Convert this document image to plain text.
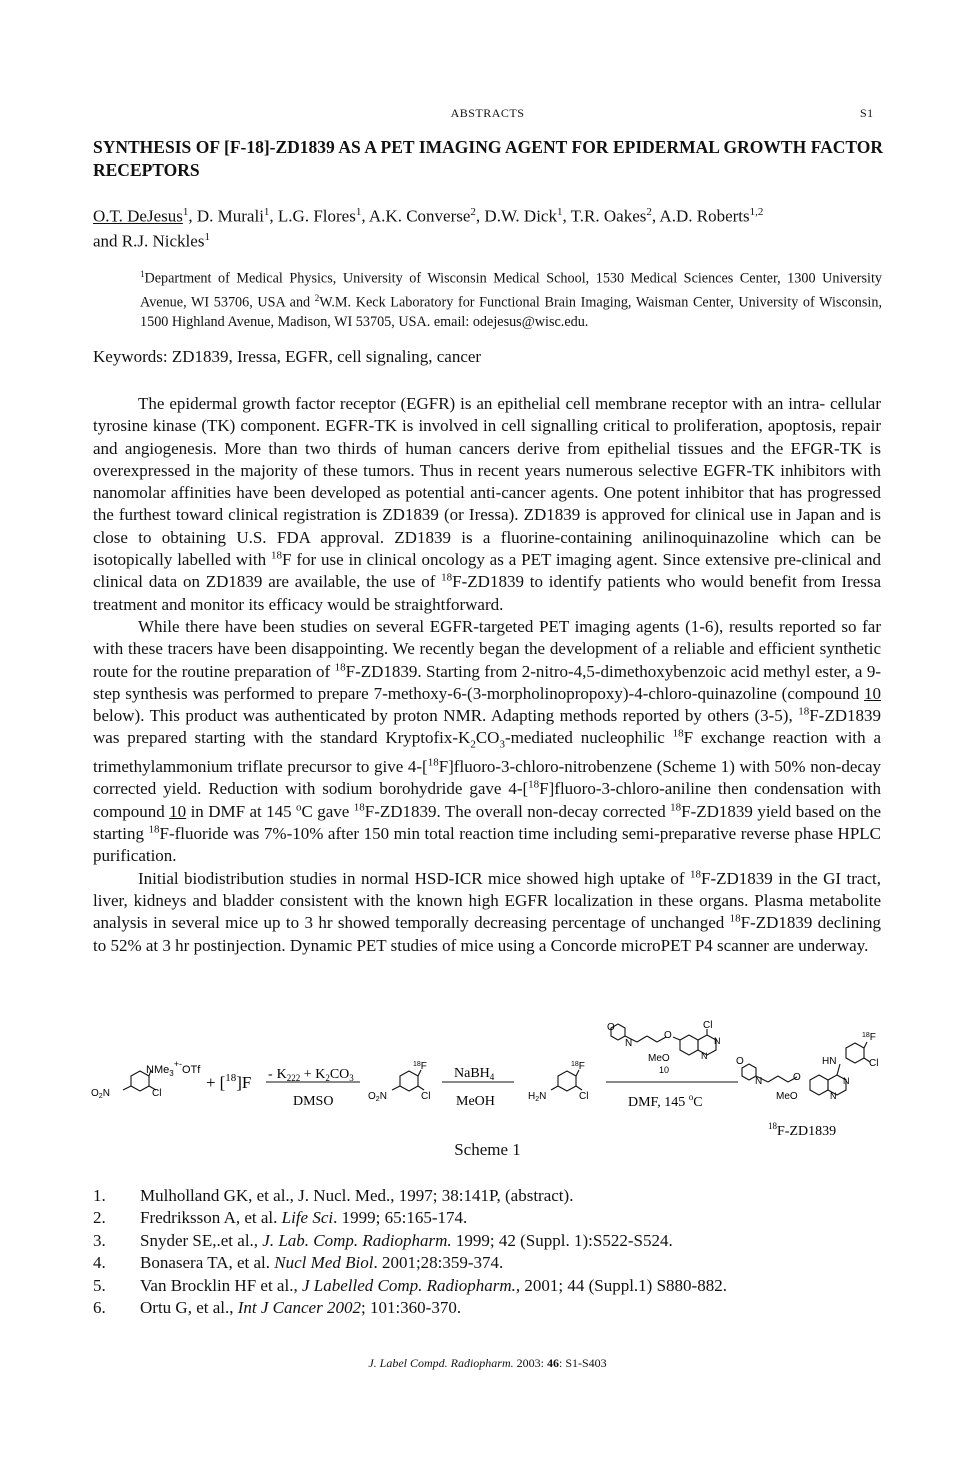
ABSTRACTS	S1
SYNTHESIS OF [F-18]-ZD1839 AS A PET IMAGING AGENT FOR EPIDERMAL GROWTH FACTOR RECEPTORS
O.T. DeJesus$^1$, D. Murali$^1$, L.G. Flores$^1$, A.K. Converse$^2$, D.W. Dick$^1$, T.R. Oakes$^2$, A.D. Roberts$^{1,2}$
and R.J. Nickles$^1$
$^1$Department of Medical Physics, University of Wisconsin Medical School, 1530 Medical Sciences Center, 1300 University Avenue, WI 53706, USA and $^2$W.M. Keck Laboratory for Functional Brain Imaging, Waisman Center, University of Wisconsin, 1500 Highland Avenue, Madison, WI 53705, USA. email: odejesus@wisc.edu.
Keywords: ZD1839, Iressa, EGFR, cell signaling, cancer

The epidermal growth factor receptor (EGFR) is an epithelial cell membrane receptor with an intra- cellular tyrosine kinase (TK) component. EGFR-TK is involved in cell signalling critical to proliferation, apoptosis, repair and angiogenesis. More than two thirds of human cancers derive from epithelial tissues and the EFGR-TK is overexpressed in the majority of these tumors. Thus in recent years numerous selective EGFR-TK inhibitors with nanomolar affinities have been developed as potential anti-cancer agents. One potent inhibitor that has progressed the furthest toward clinical registration is ZD1839 (or Iressa). ZD1839 is approved for clinical use in Japan and is close to obtaining U.S. FDA approval. ZD1839 is a fluorine-containing anilinoquinazoline which can be isotopically labelled with $^{18}$F for use in clinical oncology as a PET imaging agent. Since extensive pre-clinical and clinical data on ZD1839 are available, the use of $^{18}$F-ZD1839 to identify patients who would benefit from Iressa treatment and monitor its efficacy would be straightforward.

While there have been studies on several EGFR-targeted PET imaging agents (1-6), results reported so far with these tracers have been disappointing. We recently began the development of a reliable and efficient synthetic route for the routine preparation of $^{18}$F-ZD1839. Starting from 2-nitro-4,5-dimethoxybenzoic acid methyl ester, a 9-step synthesis was performed to prepare 7-methoxy-6-(3-morpholinopropoxy)-4-chloro-quinazoline (compound 10 below). This product was authenticated by proton NMR. Adapting methods reported by others (3-5), $^{18}$F-ZD1839 was prepared starting with the standard Kryptofix-$K_2CO_3$-mediated nucleophilic $^{18}$F exchange reaction with a trimethylammonium triflate precursor to give 4-[$^{18}$F]fluoro-3-chloro-nitrobenzene (Scheme 1) with 50% non-decay corrected yield. Reduction with sodium borohydride gave 4-[$^{18}$F]fluoro-3-chloro-aniline then condensation with compound 10 in DMF at 145 $^o$C gave $^{18}$F-ZD1839. The overall non-decay corrected $^{18}$F-ZD1839 yield based on the starting $^{18}$F-fluoride was 7%-10% after 150 min total reaction time including semi-preparative reverse phase HPLC purification.

Initial biodistribution studies in normal HSD-ICR mice showed high uptake of $^{18}$F-ZD1839 in the GI tract, liver, kidneys and bladder consistent with the known high EGFR localization in these organs. Plasma metabolite analysis in several mice up to 3 hr showed temporally decreasing percentage of unchanged $^{18}$F-ZD1839 declining to 52% at 3 hr postinjection. Dynamic PET studies of mice using a Concorde microPET P4 scanner are underway.

NMe$_3$+-OTf
$O_2N$	Cl
+ $[^{18}]F - K_{222} + K_2CO_3$
DMSO
$^{18}$F
$O_2N$	Cl
NaBH$_4$
MeOH
$^{18}$F
$H_2N$	Cl
O
N
O
Cl
N
N
MeO
10
DMF, 145 $^o$C
O
N	O
HN
N
N
MeO
$^{18}$F
Cl
$^{18}$F-ZD1839
Scheme 1
1.	Mulholland GK, et al., J. Nucl. Med., 1997; 38:141P, (abstract).
2.	Fredriksson A, et al. Life Sci. 1999; 65:165-174.
3.	Snyder SE,.et al., J. Lab. Comp. Radiopharm. 1999; 42 (Suppl. 1):S522-S524.
4.	Bonasera TA, et al. Nucl Med Biol. 2001;28:359-374.
5.	Van Brocklin HF et al., J Labelled Comp. Radiopharm., 2001; 44 (Suppl.1) S880-882.
6.	Ortu G, et al., Int J Cancer 2002; 101:360-370.
J. Label Compd. Radiopharm. 2003: 46: S1-S403
